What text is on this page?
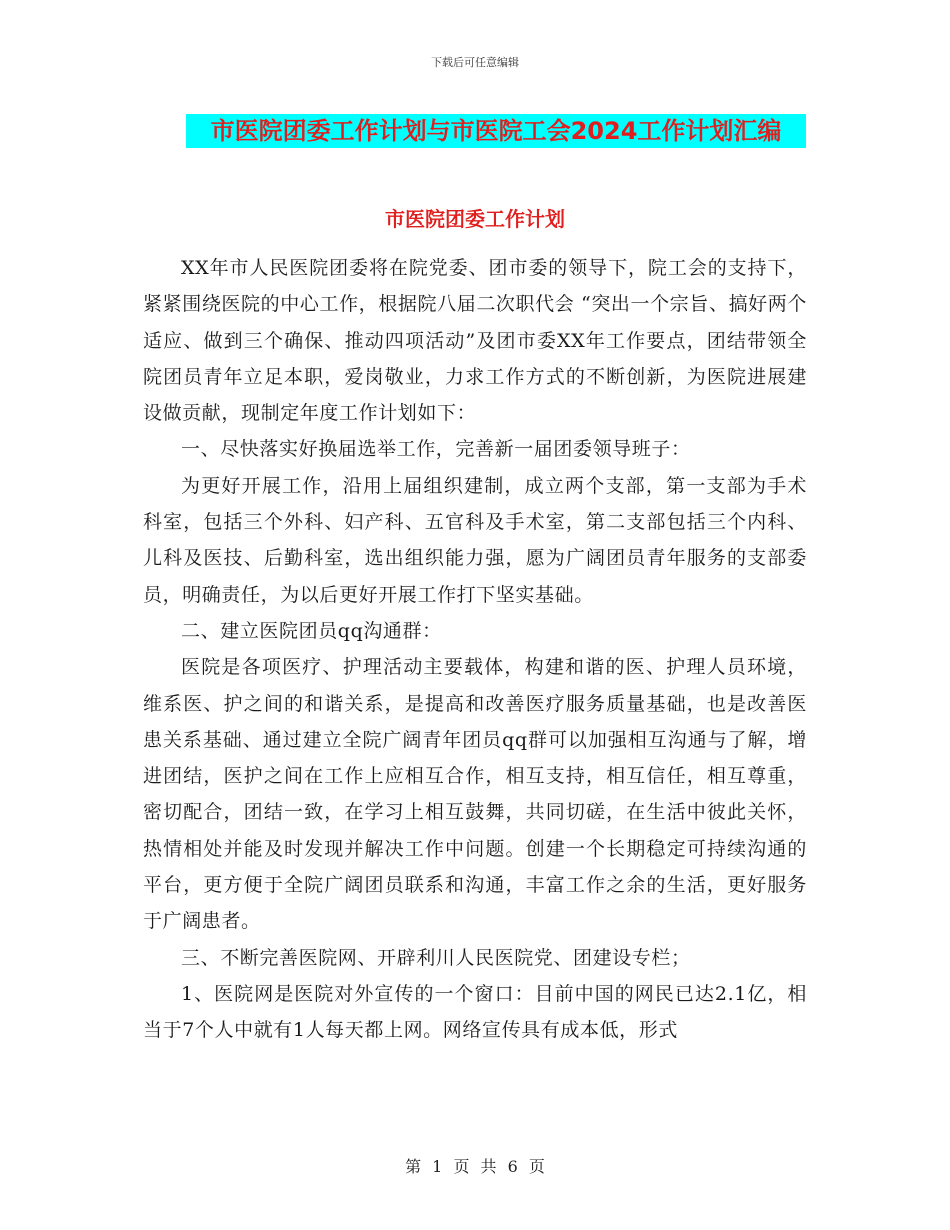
下载后可任意编辑
市医院团委工作计划与市医院工会2024工作计划汇编
市医院团委工作计划

XX年市人民医院团委将在院党委、团市委的领导下，院工会的支持下，紧紧围绕医院的中心工作，根据院八届二次职代会 “突出一个宗旨、搞好两个适应、做到三个确保、推动四项活动”及团市委XX年工作要点，团结带领全院团员青年立足本职，爱岗敬业，力求工作方式的不断创新，为医院进展建设做贡献，现制定年度工作计划如下：

一、尽快落实好换届选举工作，完善新一届团委领导班子：

为更好开展工作，沿用上届组织建制，成立两个支部，第一支部为手术科室，包括三个外科、妇产科、五官科及手术室，第二支部包括三个内科、儿科及医技、后勤科室，选出组织能力强，愿为广阔团员青年服务的支部委员，明确责任，为以后更好开展工作打下坚实基础。

二、建立医院团员qq沟通群：

医院是各项医疗、护理活动主要载体，构建和谐的医、护理人员环境，维系医、护之间的和谐关系，是提高和改善医疗服务质量基础，也是改善医患关系基础、通过建立全院广阔青年团员qq群可以加强相互沟通与了解，增进团结，医护之间在工作上应相互合作，相互支持，相互信任，相互尊重，密切配合，团结一致，在学习上相互鼓舞，共同切磋，在生活中彼此关怀，热情相处并能及时发现并解决工作中问题。创建一个长期稳定可持续沟通的平台，更方便于全院广阔团员联系和沟通，丰富工作之余的生活，更好服务于广阔患者。

三、不断完善医院网、开辟利川人民医院党、团建设专栏；

1、医院网是医院对外宣传的一个窗口：目前中国的网民已达2.1亿，相当于7个人中就有1人每天都上网。网络宣传具有成本低，形式

第 1 页 共 6 页
